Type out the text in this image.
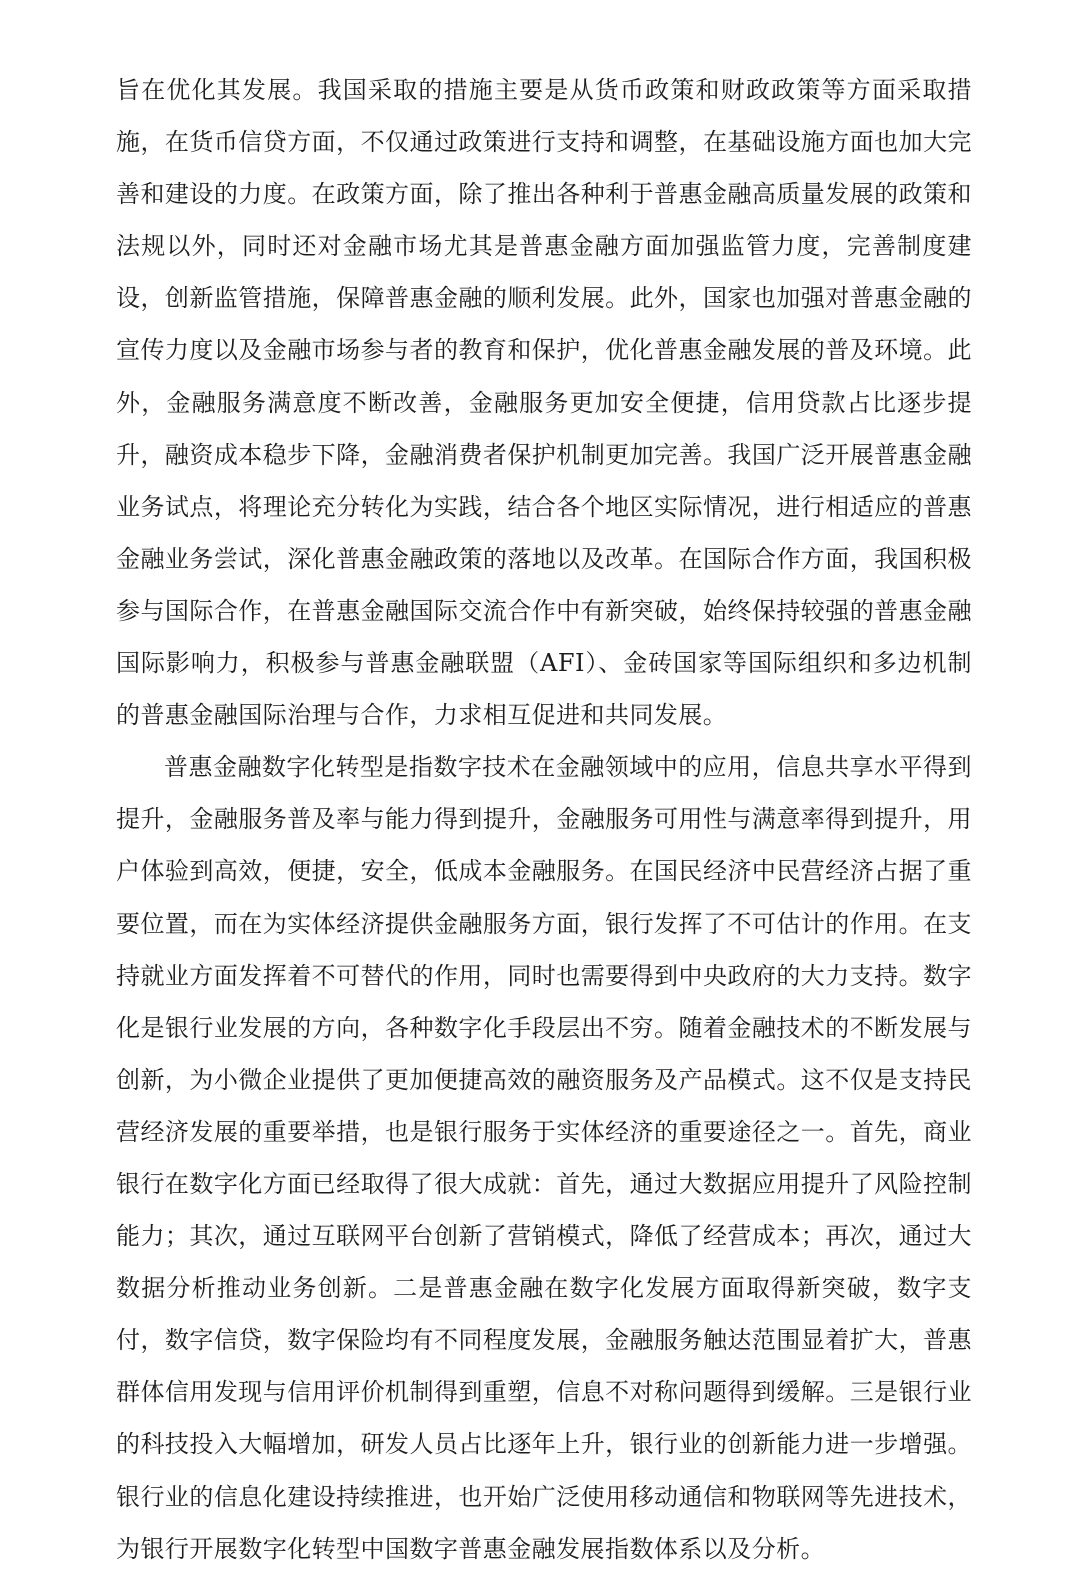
旨在优化其发展。我国采取的措施主要是从货币政策和财政政策等方面采取措施，在货币信贷方面，不仅通过政策进行支持和调整，在基础设施方面也加大完善和建设的力度。在政策方面，除了推出各种利于普惠金融高质量发展的政策和法规以外，同时还对金融市场尤其是普惠金融方面加强监管力度，完善制度建设，创新监管措施，保障普惠金融的顺利发展。此外，国家也加强对普惠金融的宣传力度以及金融市场参与者的教育和保护，优化普惠金融发展的普及环境。此外，金融服务满意度不断改善，金融服务更加安全便捷，信用贷款占比逐步提升，融资成本稳步下降，金融消费者保护机制更加完善。我国广泛开展普惠金融业务试点，将理论充分转化为实践，结合各个地区实际情况，进行相适应的普惠金融业务尝试，深化普惠金融政策的落地以及改革。在国际合作方面，我国积极参与国际合作，在普惠金融国际交流合作中有新突破，始终保持较强的普惠金融国际影响力，积极参与普惠金融联盟（AFI）、金砖国家等国际组织和多边机制的普惠金融国际治理与合作，力求相互促进和共同发展。

普惠金融数字化转型是指数字技术在金融领域中的应用，信息共享水平得到提升，金融服务普及率与能力得到提升，金融服务可用性与满意率得到提升，用户体验到高效，便捷，安全，低成本金融服务。在国民经济中民营经济占据了重要位置，而在为实体经济提供金融服务方面，银行发挥了不可估计的作用。在支持就业方面发挥着不可替代的作用，同时也需要得到中央政府的大力支持。数字化是银行业发展的方向，各种数字化手段层出不穷。随着金融技术的不断发展与创新，为小微企业提供了更加便捷高效的融资服务及产品模式。这不仅是支持民营经济发展的重要举措，也是银行服务于实体经济的重要途径之一。首先，商业银行在数字化方面已经取得了很大成就：首先，通过大数据应用提升了风险控制能力；其次，通过互联网平台创新了营销模式，降低了经营成本；再次，通过大数据分析推动业务创新。二是普惠金融在数字化发展方面取得新突破，数字支付，数字信贷，数字保险均有不同程度发展，金融服务触达范围显着扩大，普惠群体信用发现与信用评价机制得到重塑，信息不对称问题得到缓解。三是银行业的科技投入大幅增加，研发人员占比逐年上升，银行业的创新能力进一步增强。银行业的信息化建设持续推进，也开始广泛使用移动通信和物联网等先进技术，为银行开展数字化转型中国数字普惠金融发展指数体系以及分析。
